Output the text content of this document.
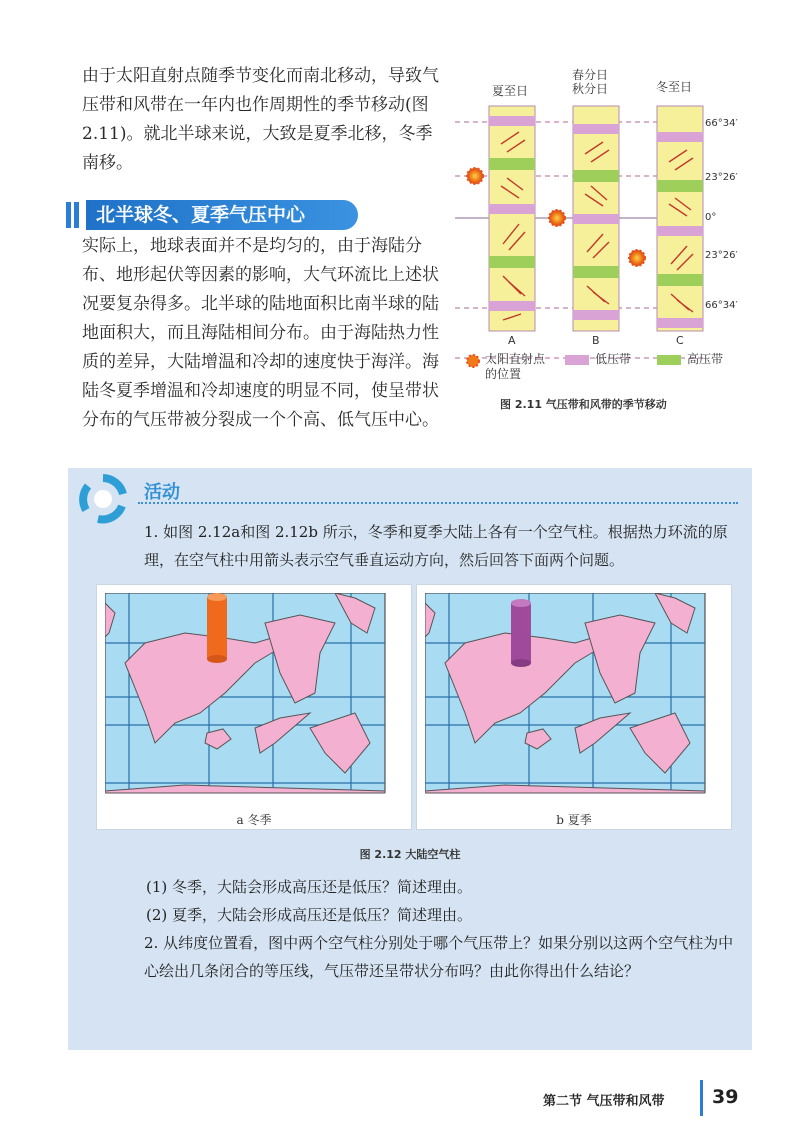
由于太阳直射点随季节变化而南北移动，导致气压带和风带在一年内也作周期性的季节移动(图 2.11)。就北半球来说，大致是夏季北移，冬季南移。

北半球冬、夏季气压中心

实际上，地球表面并不是均匀的，由于海陆分布、地形起伏等因素的影响，大气环流比上述状况要复杂得多。北半球的陆地面积比南半球的陆地面积大，而且海陆相间分布。由于海陆热力性质的差异，大陆增温和冷却的速度快于海洋。海陆冬夏季增温和冷却速度的明显不同，使呈带状分布的气压带被分裂成一个个高、低气压中心。

夏至日
春分日
秋分日	冬至日
66°34′
23°26′
0°
23°26′
66°34′
A	B	C
太阳直射点的位置
低压带	高压带
图 2.11 气压带和风带的季节移动
活动

1. 如图 2.12a和图 2.12b 所示，冬季和夏季大陆上各有一个空气柱。根据热力环流的原理，在空气柱中用箭头表示空气垂直运动方向，然后回答下面两个问题。

a 冬季	b 夏季
图 2.12 大陆空气柱

(1) 冬季，大陆会形成高压还是低压？简述理由。

(2) 夏季，大陆会形成高压还是低压？简述理由。

2. 从纬度位置看，图中两个空气柱分别处于哪个气压带上？如果分别以这两个空气柱为中心绘出几条闭合的等压线，气压带还呈带状分布吗？由此你得出什么结论？

第二节 气压带和风带 39
